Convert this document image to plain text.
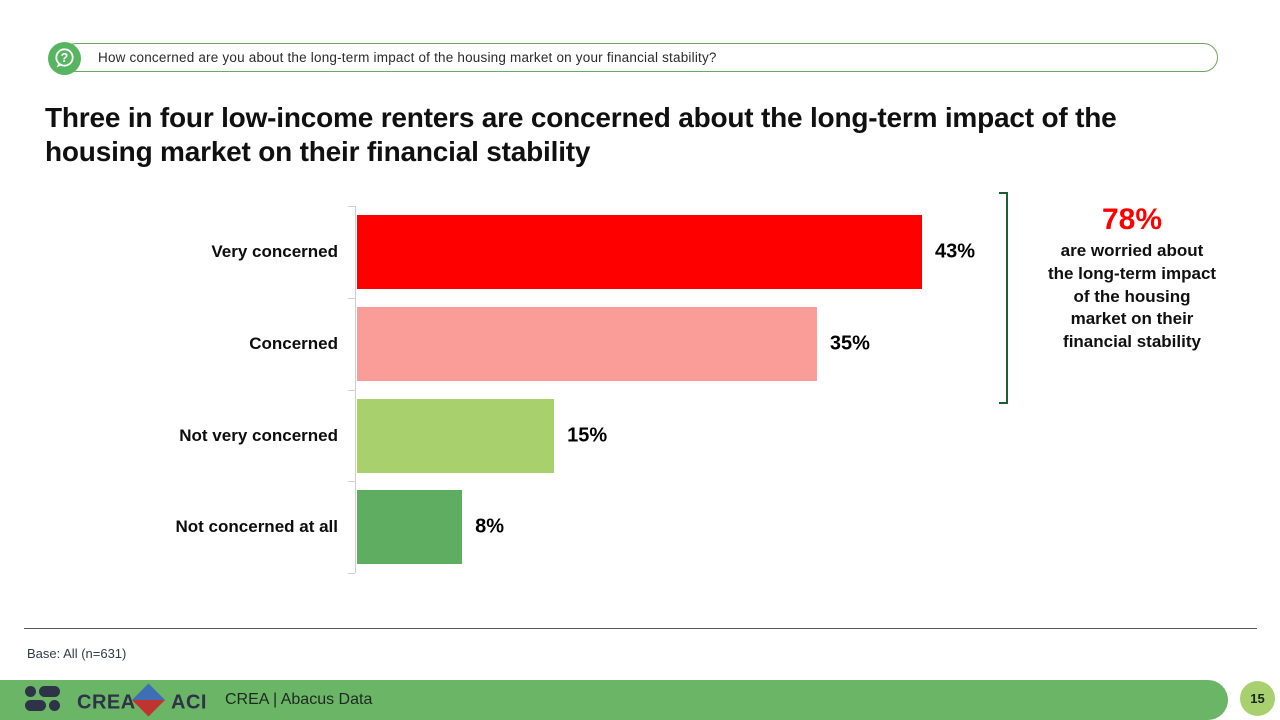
How concerned are you about the long-term impact of the housing market on your financial stability?
?
Three in four low-income renters are concerned about the long-term impact of the housing market on their financial stability
Very concerned	43%
Concerned	35%
Not very concerned	15%
Not concerned at all	8%
78%
are worried about the long-term impact of the housing market on their financial stability
Base: All (n=631)
CREA ACI CREA | Abacus Data	15
